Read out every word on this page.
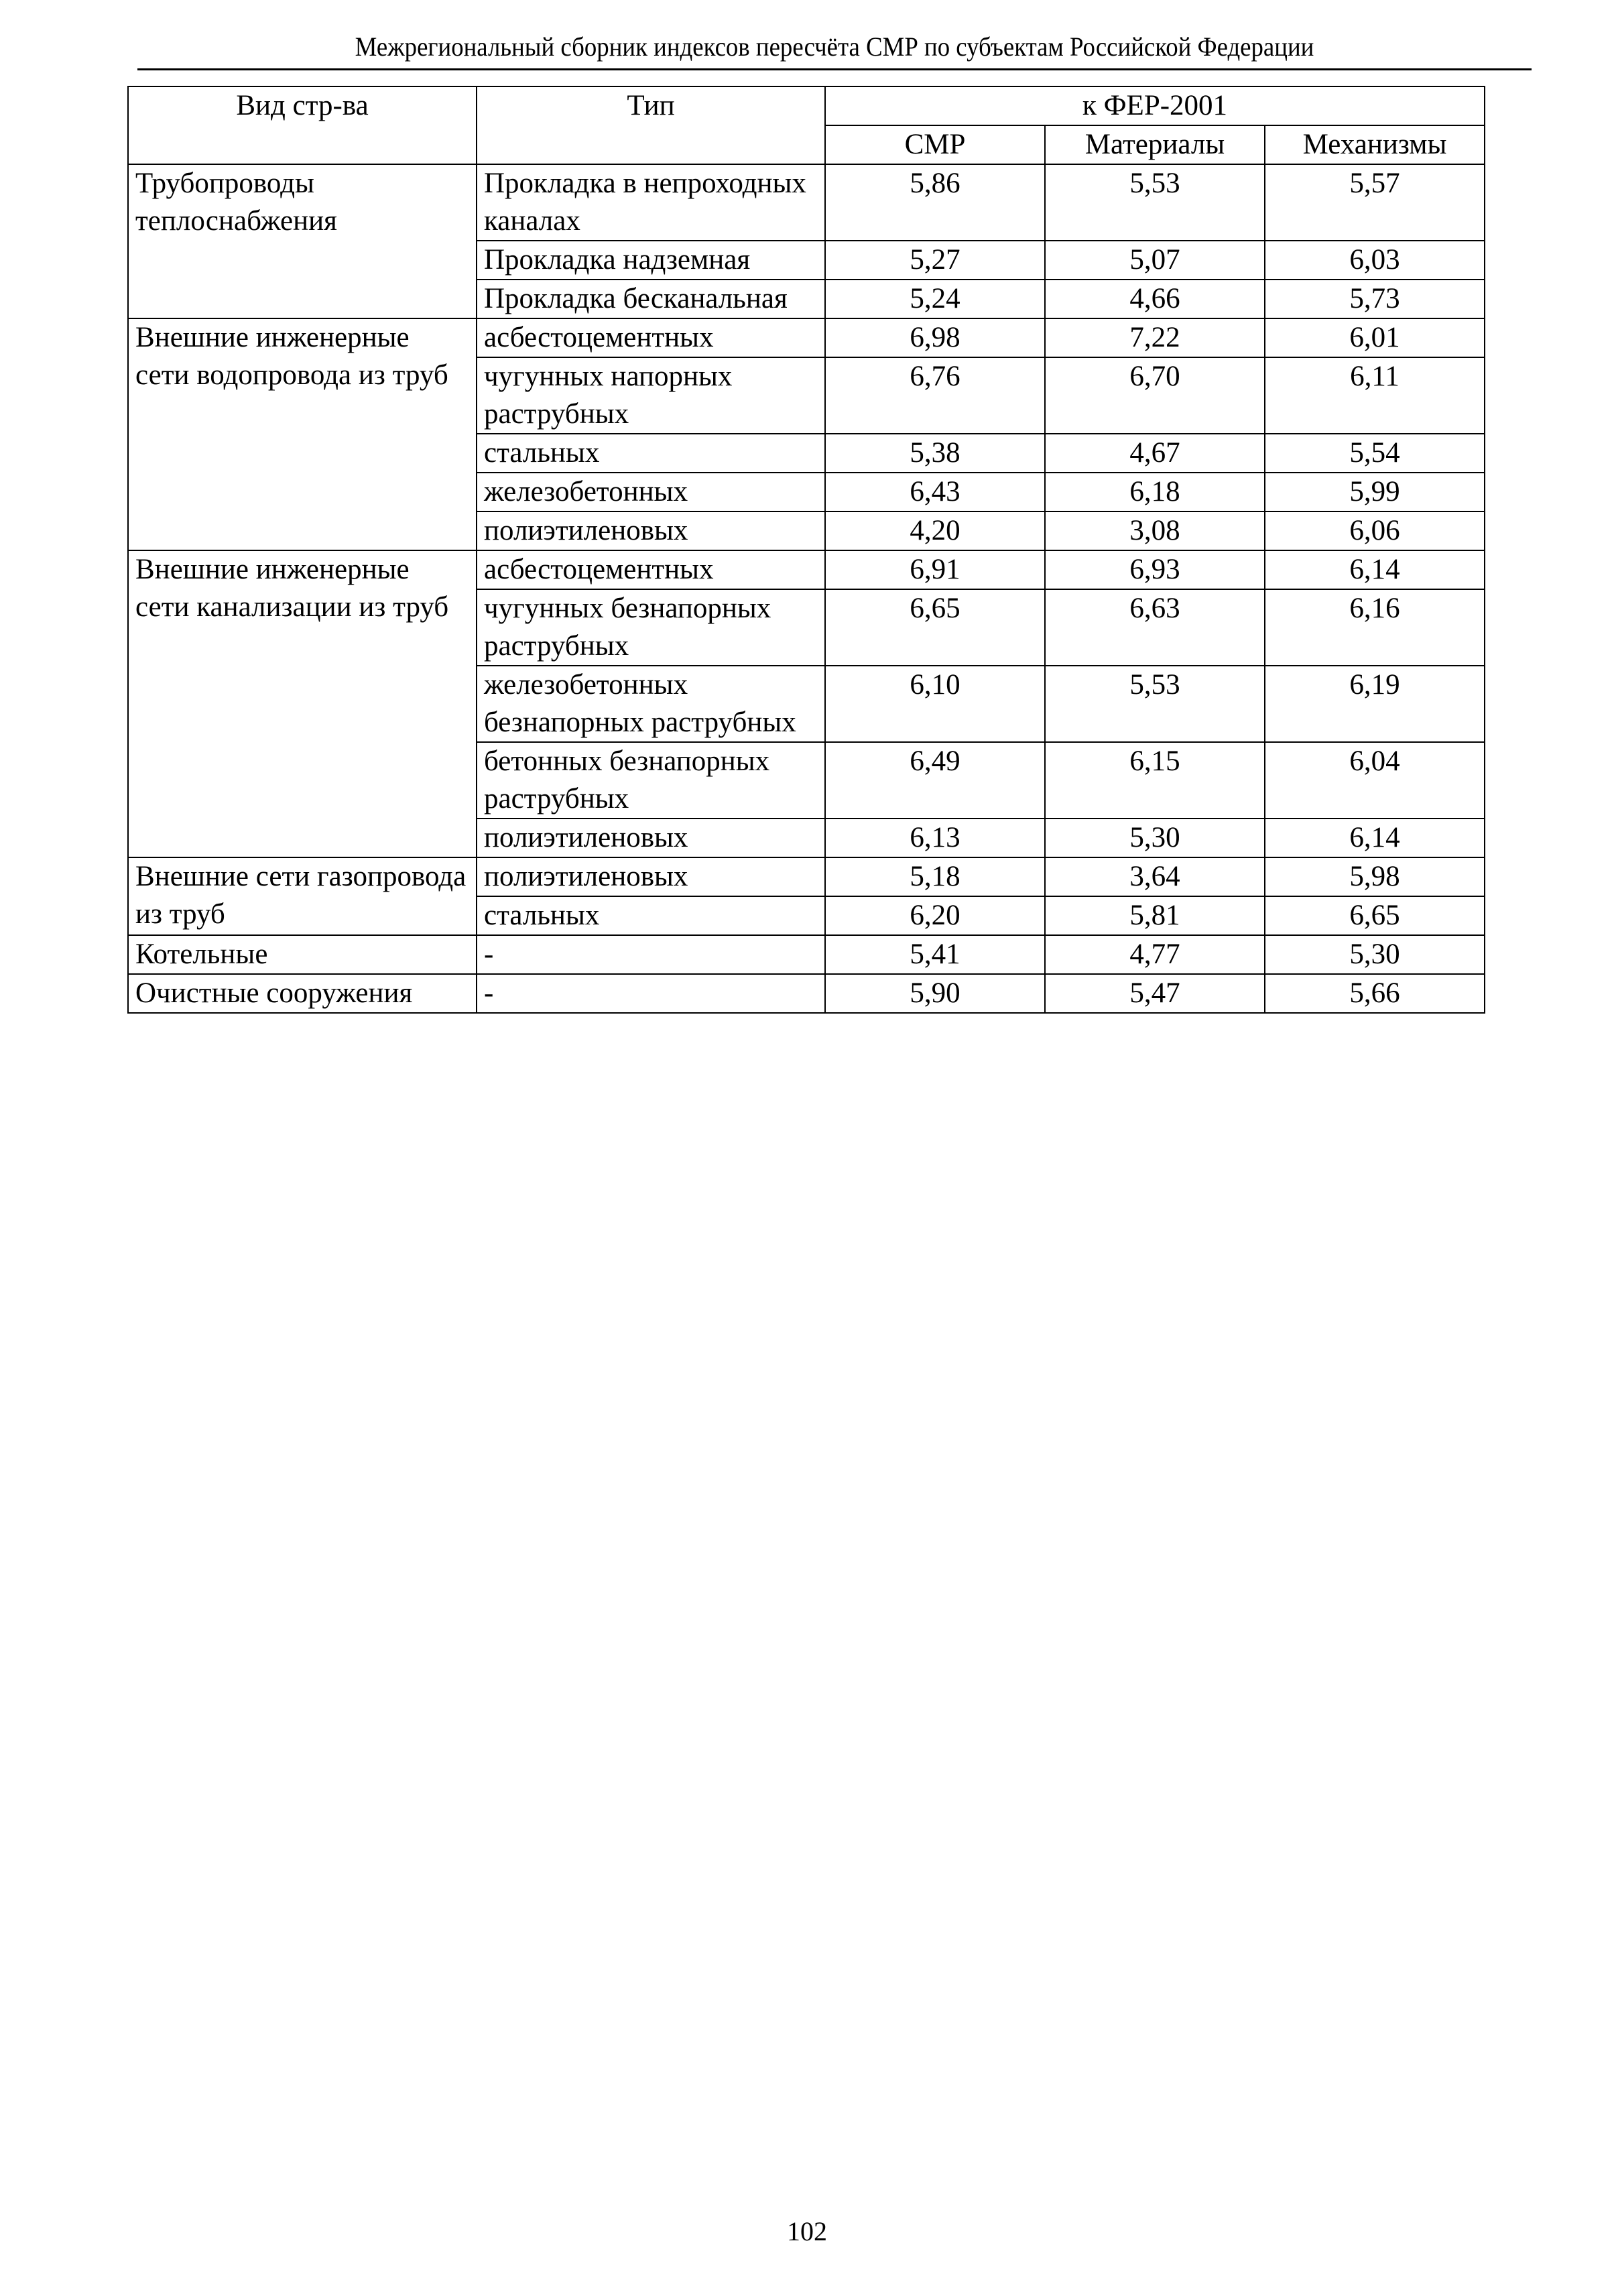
Межрегиональный сборник индексов пересчёта СМР по субъектам Российской Федерации
Вид стр-ва	Тип	к ФЕР-2001		
		СМР	Материалы	Механизмы
Трубопроводы теплоснабжения	Прокладка в непроходных каналах	5,86	5,53	5,57
	Прокладка надземная	5,27	5,07	6,03
	Прокладка бесканальная	5,24	4,66	5,73
Внешние инженерные сети водопровода из труб	асбестоцементных	6,98	7,22	6,01
	чугунных напорных раструбных	6,76	6,70	6,11
	стальных	5,38	4,67	5,54
	железобетонных	6,43	6,18	5,99
	полиэтиленовых	4,20	3,08	6,06
Внешние инженерные сети канализации из труб	асбестоцементных	6,91	6,93	6,14
	чугунных безнапорных раструбных	6,65	6,63	6,16
	железобетонных безнапорных раструбных	6,10	5,53	6,19
	бетонных безнапорных раструбных	6,49	6,15	6,04
	полиэтиленовых	6,13	5,30	6,14
Внешние сети газопровода из труб	полиэтиленовых	5,18	3,64	5,98
	стальных	6,20	5,81	6,65
Котельные	-	5,41	4,77	5,30
Очистные сооружения	-	5,90	5,47	5,66
102
